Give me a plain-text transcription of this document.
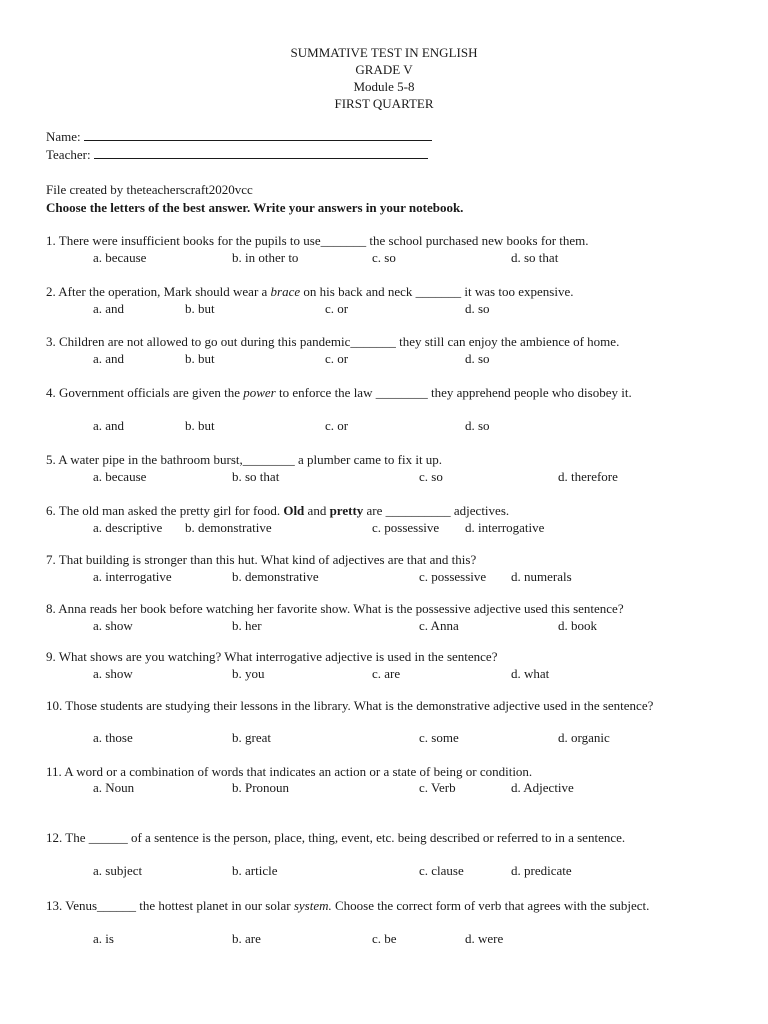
SUMMATIVE TEST IN ENGLISH
GRADE V
Module 5-8
FIRST QUARTER
Name:
Teacher:
File created by theteacherscraft2020vcc
Choose the letters of the best answer. Write your answers in your notebook.
1. There were insufficient books for the pupils to use_______ the school purchased new books for them.
a. because	b. in other to	c. so	d. so that
2. After the operation, Mark should wear a brace on his back and neck _______ it was too expensive.
a. and	b. but	c. or	d. so
3. Children are not allowed to go out during this pandemic_______ they still can enjoy the ambience of home.
a. and	b. but	c. or	d. so
4. Government officials are given the power to enforce the law ________ they apprehend people who disobey it.
a. and	b. but	c. or	d. so
5. A water pipe in the bathroom burst,________ a plumber came to fix it up.
a. because	b. so that	c. so	d. therefore
6. The old man asked the pretty girl for food. Old and pretty are __________ adjectives.
a. descriptive b. demonstrative	c. possessive d. interrogative
7. That building is stronger than this hut. What kind of adjectives are that and this?
a. interrogative	b. demonstrative	c. possessive d. numerals
8. Anna reads her book before watching her favorite show. What is the possessive adjective used this sentence?
a. show	b. her	c. Anna	d. book
9. What shows are you watching? What interrogative adjective is used in the sentence?
a. show	b. you	c. are	d. what
10. Those students are studying their lessons in the library. What is the demonstrative adjective used in the sentence?
a. those	b. great	c. some	d. organic
11. A word or a combination of words that indicates an action or a state of being or condition.
a. Noun	b. Pronoun	c. Verb	d. Adjective
12. The ______ of a sentence is the person, place, thing, event, etc. being described or referred to in a sentence.
a. subject	b. article	c. clause	d. predicate
13. Venus______ the hottest planet in our solar system. Choose the correct form of verb that agrees with the subject.
a. is	b. are	c. be	d. were
